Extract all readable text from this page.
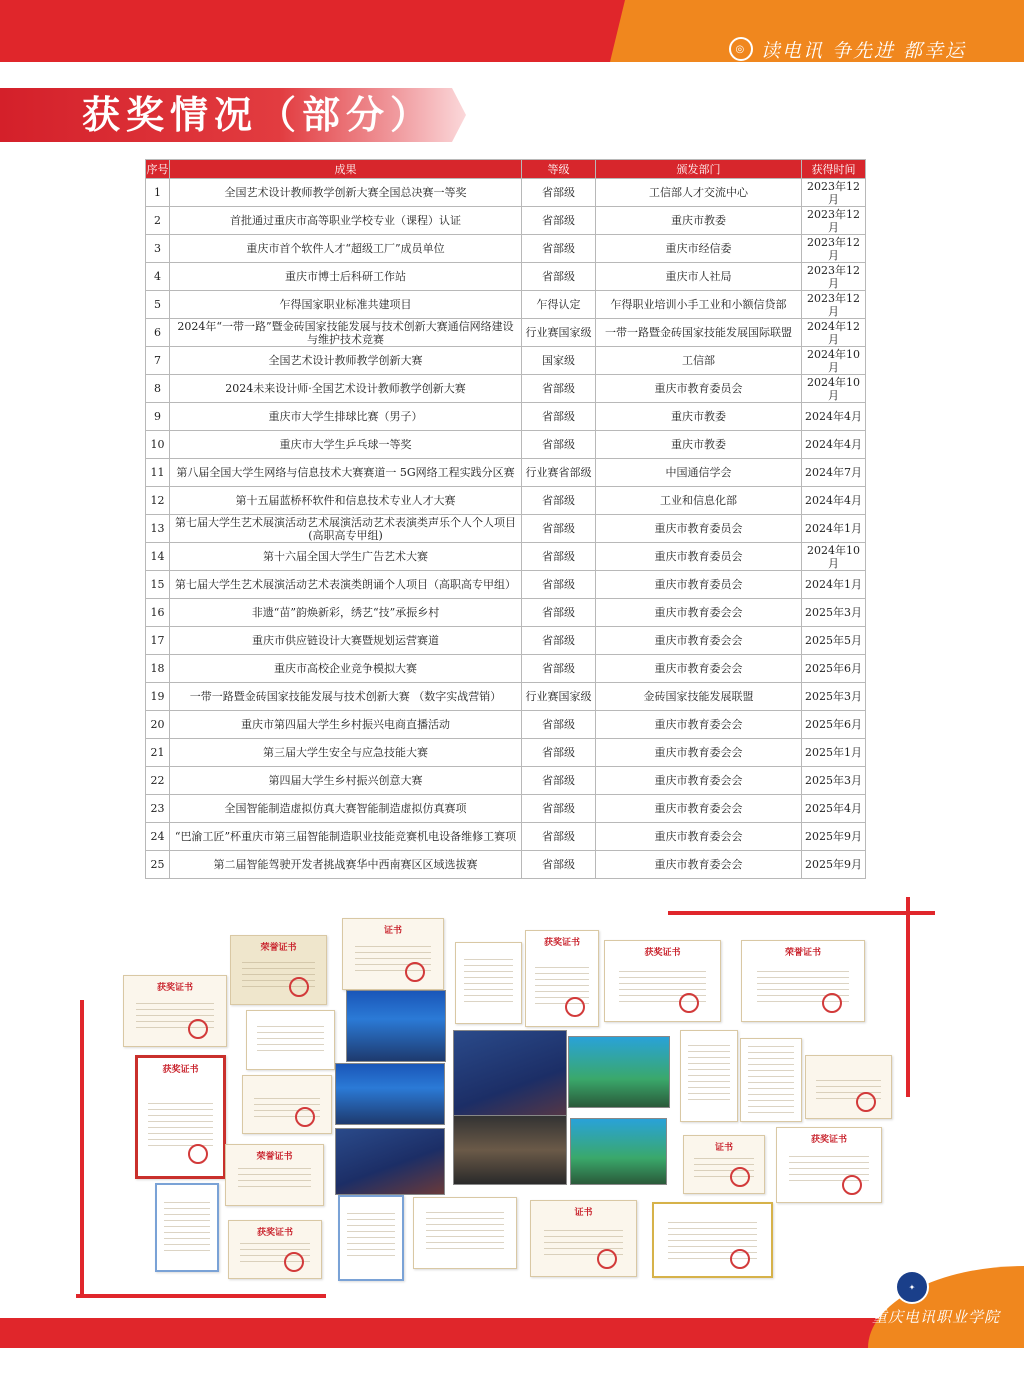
◎ 读电讯 争先进 都幸运
获奖情况（部分）
序号	成果	等级	颁发部门	获得时间
1	全国艺术设计教师教学创新大赛全国总决赛一等奖	省部级	工信部人才交流中心	2023年12月
2	首批通过重庆市高等职业学校专业（课程）认证	省部级	重庆市教委	2023年12月
3	重庆市首个软件人才“超级工厂”成员单位	省部级	重庆市经信委	2023年12月
4	重庆市博士后科研工作站	省部级	重庆市人社局	2023年12月
5	乍得国家职业标准共建项目	乍得认定	乍得职业培训小手工业和小额信贷部	2023年12月
6	2024年“一带一路”暨金砖国家技能发展与技术创新大赛通信网络建设与维护技术竞赛	行业赛国家级	一带一路暨金砖国家技能发展国际联盟	2024年12月
7	全国艺术设计教师教学创新大赛	国家级	工信部	2024年10月
8	2024未来设计师·全国艺术设计教师教学创新大赛	省部级	重庆市教育委员会	2024年10月
9	重庆市大学生排球比赛（男子）	省部级	重庆市教委	2024年4月
10	重庆市大学生乒乓球一等奖	省部级	重庆市教委	2024年4月
11	第八届全国大学生网络与信息技术大赛赛道一 5G网络工程实践分区赛	行业赛省部级	中国通信学会	2024年7月
12	第十五届蓝桥杯软件和信息技术专业人才大赛	省部级	工业和信息化部	2024年4月
13	第七届大学生艺术展演活动艺术展演活动艺术表演类声乐个人个人项目(高职高专甲组)	省部级	重庆市教育委员会	2024年1月
14	第十六届全国大学生广告艺术大赛	省部级	重庆市教育委员会	2024年10月
15	第七届大学生艺术展演活动艺术表演类朗诵个人项目（高职高专甲组）	省部级	重庆市教育委员会	2024年1月
16	非遗“苗”韵焕新彩，绣艺“技”承振乡村	省部级	重庆市教育委会会	2025年3月
17	重庆市供应链设计大赛暨规划运营赛道	省部级	重庆市教育委会会	2025年5月
18	重庆市高校企业竞争模拟大赛	省部级	重庆市教育委会会	2025年6月
19	一带一路暨金砖国家技能发展与技术创新大赛 （数字实战营销）	行业赛国家级	金砖国家技能发展联盟	2025年3月
20	重庆市第四届大学生乡村振兴电商直播活动	省部级	重庆市教育委会会	2025年6月
21	第三届大学生安全与应急技能大赛	省部级	重庆市教育委会会	2025年1月
22	第四届大学生乡村振兴创意大赛	省部级	重庆市教育委会会	2025年3月
23	全国智能制造虚拟仿真大赛智能制造虚拟仿真赛项	省部级	重庆市教育委会会	2025年4月
24	“巴渝工匠”杯重庆市第三届智能制造职业技能竞赛机电设备维修工赛项	省部级	重庆市教育委会会	2025年9月
25	第二届智能驾驶开发者挑战赛华中西南赛区区域选拔赛	省部级	重庆市教育委会会	2025年9月
获奖证书
荣誉证书
证书
获奖证书
获奖证书	荣誉证书
获奖证书
证书
获奖证书
荣誉证书
获奖证书
证书
✦
重庆电讯职业学院
